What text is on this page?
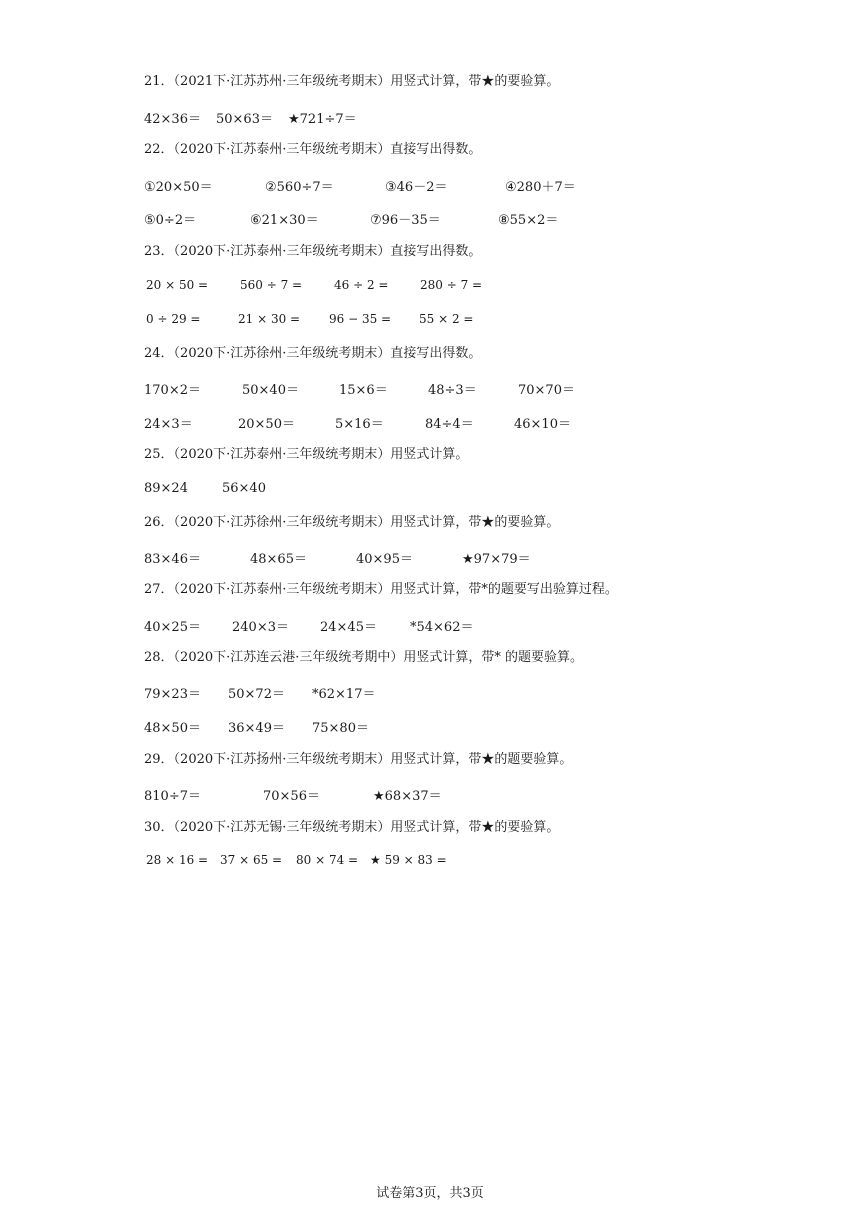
21．（2021下·江苏苏州·三年级统考期末）用竖式计算，带★的要验算。
42×36＝ 50×63＝ ★721÷7＝
22．（2020下·江苏泰州·三年级统考期末）直接写出得数。
①20×50＝	②560÷7＝	③46－2＝	④280＋7＝
⑤0÷2＝	⑥21×30＝	⑦96－35＝	⑧55×2＝
23．（2020下·江苏泰州·三年级统考期末）直接写出得数。
20 × 50 =	560 ÷ 7 =	46 ÷ 2 =	280 ÷ 7 =
0 ÷ 29 =	21 × 30 = 96 − 35 = 55 × 2 =
24．（2020下·江苏徐州·三年级统考期末）直接写出得数。
170×2＝	50×40＝	15×6＝	48÷3＝	70×70＝
24×3＝	20×50＝	5×16＝	84÷4＝	46×10＝
25．（2020下·江苏泰州·三年级统考期末）用竖式计算。
89×24	56×40
26．（2020下·江苏徐州·三年级统考期末）用竖式计算，带★的要验算。
83×46＝	48×65＝	40×95＝	★97×79＝
27．（2020下·江苏泰州·三年级统考期末）用竖式计算，带*的题要写出验算过程。
40×25＝ 240×3＝ 24×45＝	*54×62＝
28．（2020下·江苏连云港·三年级统考期中）用竖式计算，带* 的题要验算。
79×23＝ 50×72＝ *62×17＝
48×50＝ 36×49＝ 75×80＝
29．（2020下·江苏扬州·三年级统考期末）用竖式计算，带★的题要验算。
810÷7＝	70×56＝	★68×37＝
30．（2020下·江苏无锡·三年级统考期末）用竖式计算，带★的要验算。
28 × 16 = 37 × 65 = 80 × 74 = ★ 59 × 83 =
试卷第3页，共3页
